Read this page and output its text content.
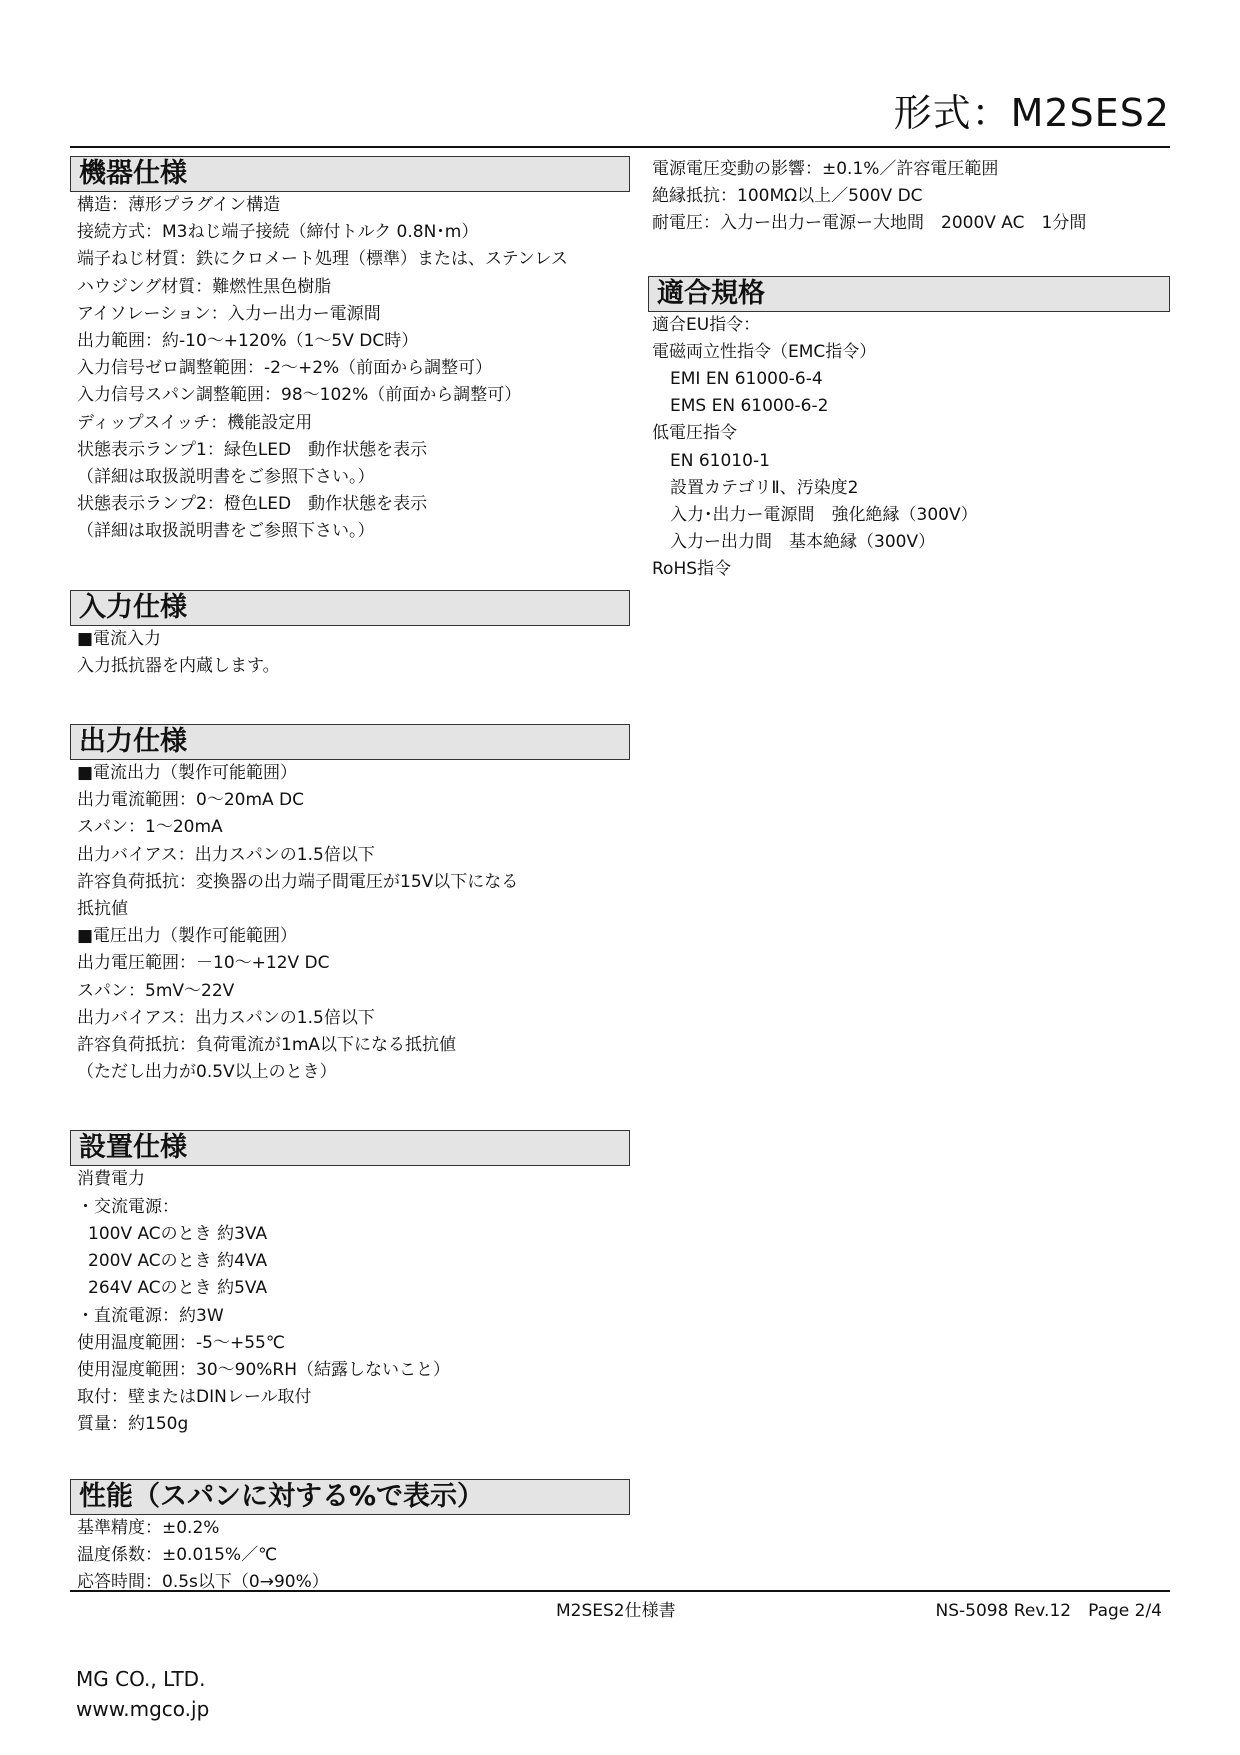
形式：M2SES2
機器仕様
構造：薄形プラグイン構造
接続方式：M3ねじ端子接続（締付トルク 0.8N･m）
端子ねじ材質：鉄にクロメート処理（標準）または、ステンレス
ハウジング材質：難燃性黒色樹脂
アイソレーション：入力ー出力ー電源間
出力範囲：約-10～+120%（1～5V DC時）
入力信号ゼロ調整範囲：-2～+2%（前面から調整可）
入力信号スパン調整範囲：98～102%（前面から調整可）
ディップスイッチ：機能設定用
状態表示ランプ1：緑色LED　動作状態を表示
（詳細は取扱説明書をご参照下さい。）
状態表示ランプ2：橙色LED　動作状態を表示
（詳細は取扱説明書をご参照下さい。）
入力仕様
■電流入力
入力抵抗器を内蔵します。
出力仕様
■電流出力（製作可能範囲）
出力電流範囲：0～20mA DC
スパン：1～20mA
出力バイアス：出力スパンの1.5倍以下
許容負荷抵抗：変換器の出力端子間電圧が15V以下になる
抵抗値
■電圧出力（製作可能範囲）
出力電圧範囲：－10～+12V DC
スパン：5mV～22V
出力バイアス：出力スパンの1.5倍以下
許容負荷抵抗：負荷電流が1mA以下になる抵抗値
（ただし出力が0.5V以上のとき）
設置仕様
消費電力
・交流電源：
100V ACのとき 約3VA
200V ACのとき 約4VA
264V ACのとき 約5VA
・直流電源：約3W
使用温度範囲：-5～+55℃
使用湿度範囲：30～90%RH（結露しないこと）
取付：壁またはDINレール取付
質量：約150g
性能（スパンに対する%で表示）
基準精度：±0.2%
温度係数：±0.015%／℃
応答時間：0.5s以下（0→90%）
電源電圧変動の影響：±0.1%／許容電圧範囲
絶縁抵抗：100MΩ以上／500V DC
耐電圧：入力ー出力ー電源ー大地間　2000V AC　1分間
適合規格
適合EU指令：
電磁両立性指令（EMC指令）
EMI EN 61000-6-4
EMS EN 61000-6-2
低電圧指令
EN 61010-1
設置カテゴリⅡ、汚染度2
入力･出力ー電源間　強化絶縁（300V）
入力ー出力間　基本絶縁（300V）
RoHS指令
M2SES2仕様書	NS-5098 Rev.12　Page 2/4
MG CO., LTD.
www.mgco.jp
